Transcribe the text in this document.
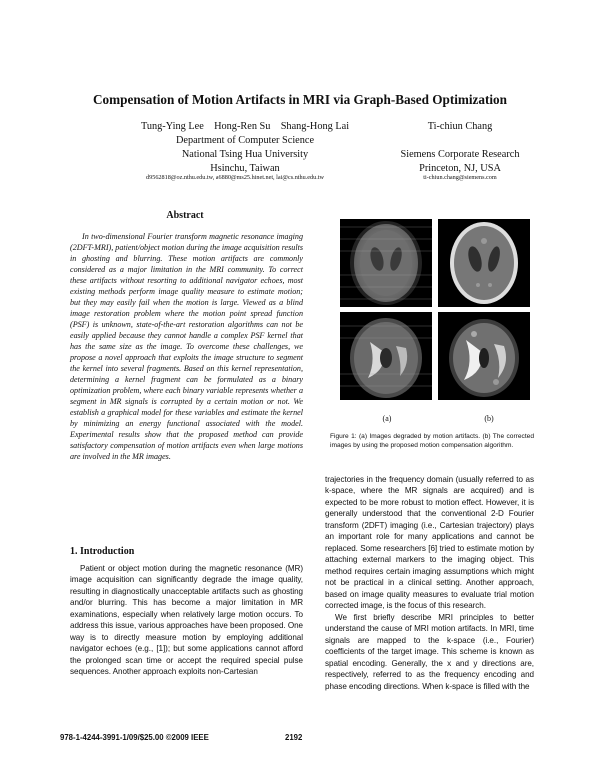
Compensation of Motion Artifacts in MRI via Graph-Based Optimization
Tung-Ying Lee    Hong-Ren Su    Shang-Hong Lai
Department of Computer Science
National Tsing Hua University
Hsinchu, Taiwan
Ti-chiun Chang
Siemens Corporate Research
Princeton, NJ, USA
d9562818@oz.nthu.edu.tw, a6880@ms25.hinet.net, lai@cs.nthu.edu.tw	ti-chiun.chang@siemens.com
Abstract

In two-dimensional Fourier transform magnetic resonance imaging (2DFT-MRI), patient/object motion during the image acquisition results in ghosting and blurring. These motion artifacts are commonly considered as a major limitation in the MRI community. To correct these artifacts without resorting to additional navigator echoes, most existing methods perform image quality measure to estimate motion; but they may easily fail when the motion is large. Viewed as a blind image restoration problem where the motion point spread function (PSF) is unknown, state-of-the-art restoration algorithms can not be easily applied because they cannot handle a complex PSF kernel that has the same size as the image. To overcome these challenges, we propose a novel approach that exploits the image structure to segment the kernel into several fragments. Based on this kernel representation, determining a kernel fragment can be formulated as a binary optimization problem, where each binary variable represents whether a segment in MR signals is corrupted by a certain motion or not. We establish a graphical model for these variables and estimate the kernel by minimizing an energy functional associated with the model. Experimental results show that the proposed method can provide satisfactory compensation of motion artifacts even when large motions are involved in the MR images.

1. Introduction

Patient or object motion during the magnetic resonance (MR) image acquisition can significantly degrade the image quality, resulting in diagnostically unacceptable artifacts such as ghosting and/or blurring. This has become a major limitation in MR examinations, especially when relatively large motion occurs. To address this issue, various approaches have been proposed. One way is to directly measure motion by employing additional navigator echoes (e.g., [1]); but some applications cannot afford the prolonged scan time or accept the required special pulse sequences. Another approach exploits non-Cartesian

(a)	(b)
Figure 1: (a) Images degraded by motion artifacts. (b) The corrected images by using the proposed motion compensation algorithm.

trajectories in the frequency domain (usually referred to as k-space, where the MR signals are acquired) and is expected to be more robust to motion effect. However, it is generally understood that the conventional 2-D Fourier transform (2DFT) imaging (i.e., Cartesian trajectory) plays an important role for many applications and cannot be replaced. Some researchers [6] tried to estimate motion by attaching external markers to the imaging object. This method requires certain imaging assumptions which might not be practical in a clinical setting. Another approach, based on image quality measures to evaluate trial motion corrected image, is the focus of this research.

We first briefly describe MRI principles to better understand the cause of MRI motion artifacts. In MRI, time signals are mapped to the k-space (i.e., Fourier) coefficients of the target image. This scheme is known as spatial encoding. Generally, the x and y directions are, respectively, referred to as the frequency encoding and phase encoding directions. When k-space is filled with the

978-1-4244-3991-1/09/$25.00 ©2009 IEEE	2192
